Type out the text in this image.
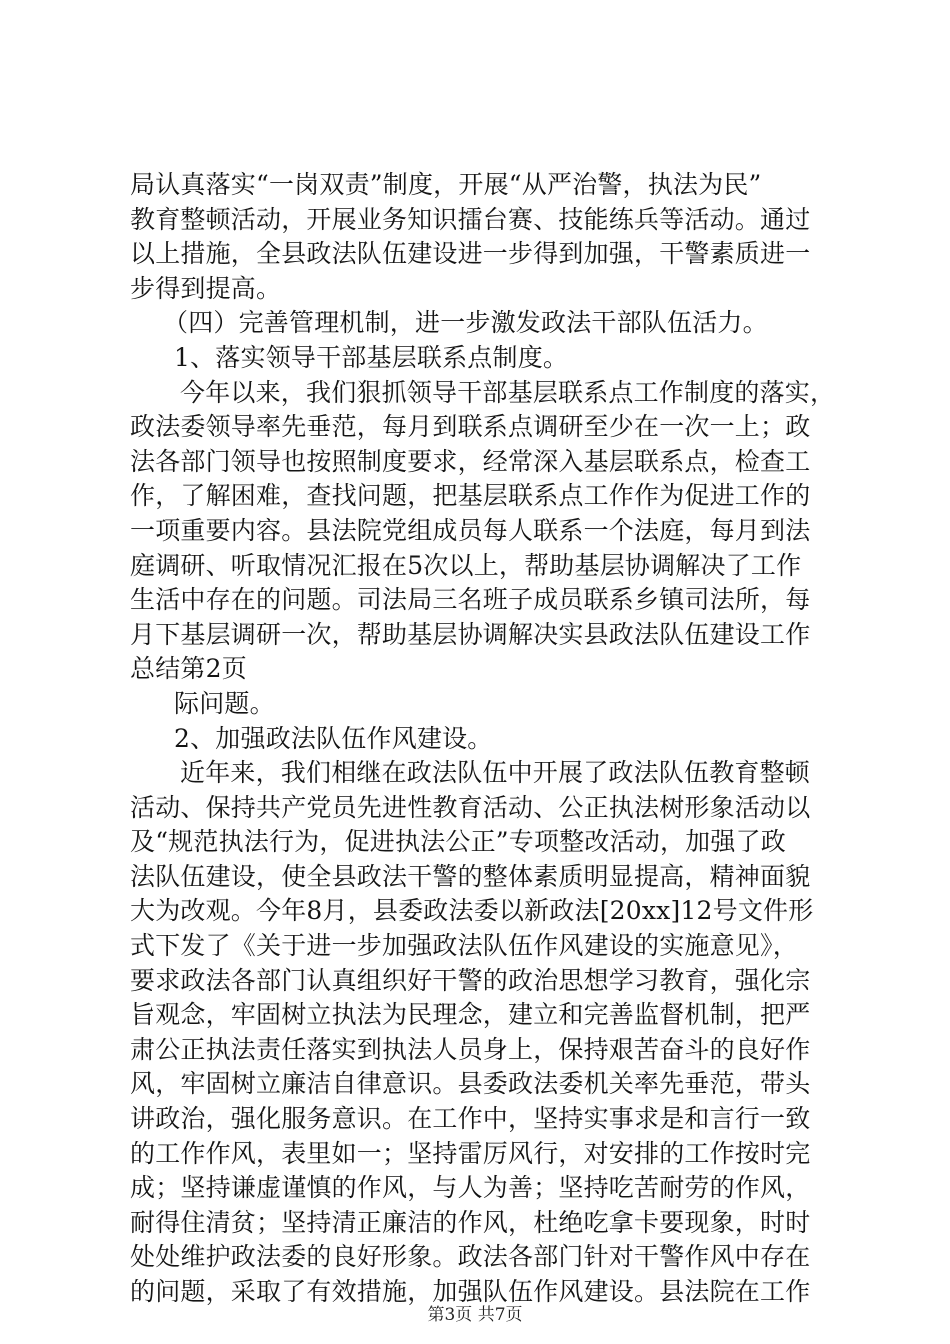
局认真落实“一岗双责”制度，开展“从严治警，执法为民”
教育整顿活动，开展业务知识擂台赛、技能练兵等活动。通过
以上措施，全县政法队伍建设进一步得到加强，干警素质进一
步得到提高。
（四）完善管理机制，进一步激发政法干部队伍活力。
1、落实领导干部基层联系点制度。
今年以来，我们狠抓领导干部基层联系点工作制度的落实，
政法委领导率先垂范，每月到联系点调研至少在一次一上；政
法各部门领导也按照制度要求，经常深入基层联系点，检查工
作，了解困难，查找问题，把基层联系点工作作为促进工作的
一项重要内容。县法院党组成员每人联系一个法庭，每月到法
庭调研、听取情况汇报在5次以上，帮助基层协调解决了工作
生活中存在的问题。司法局三名班子成员联系乡镇司法所，每
月下基层调研一次，帮助基层协调解决实县政法队伍建设工作
总结第2页
际问题。
2、加强政法队伍作风建设。
近年来，我们相继在政法队伍中开展了政法队伍教育整顿
活动、保持共产党员先进性教育活动、公正执法树形象活动以
及“规范执法行为，促进执法公正”专项整改活动，加强了政
法队伍建设，使全县政法干警的整体素质明显提高，精神面貌
大为改观。今年8月，县委政法委以新政法[20xx]12号文件形
式下发了《关于进一步加强政法队伍作风建设的实施意见》，
要求政法各部门认真组织好干警的政治思想学习教育，强化宗
旨观念，牢固树立执法为民理念，建立和完善监督机制，把严
肃公正执法责任落实到执法人员身上，保持艰苦奋斗的良好作
风，牢固树立廉洁自律意识。县委政法委机关率先垂范，带头
讲政治，强化服务意识。在工作中，坚持实事求是和言行一致
的工作作风，表里如一；坚持雷厉风行，对安排的工作按时完
成；坚持谦虚谨慎的作风，与人为善；坚持吃苦耐劳的作风，
耐得住清贫；坚持清正廉洁的作风，杜绝吃拿卡要现象，时时
处处维护政法委的良好形象。政法各部门针对干警作风中存在
的问题，采取了有效措施，加强队伍作风建设。县法院在工作
第3页 共7页
